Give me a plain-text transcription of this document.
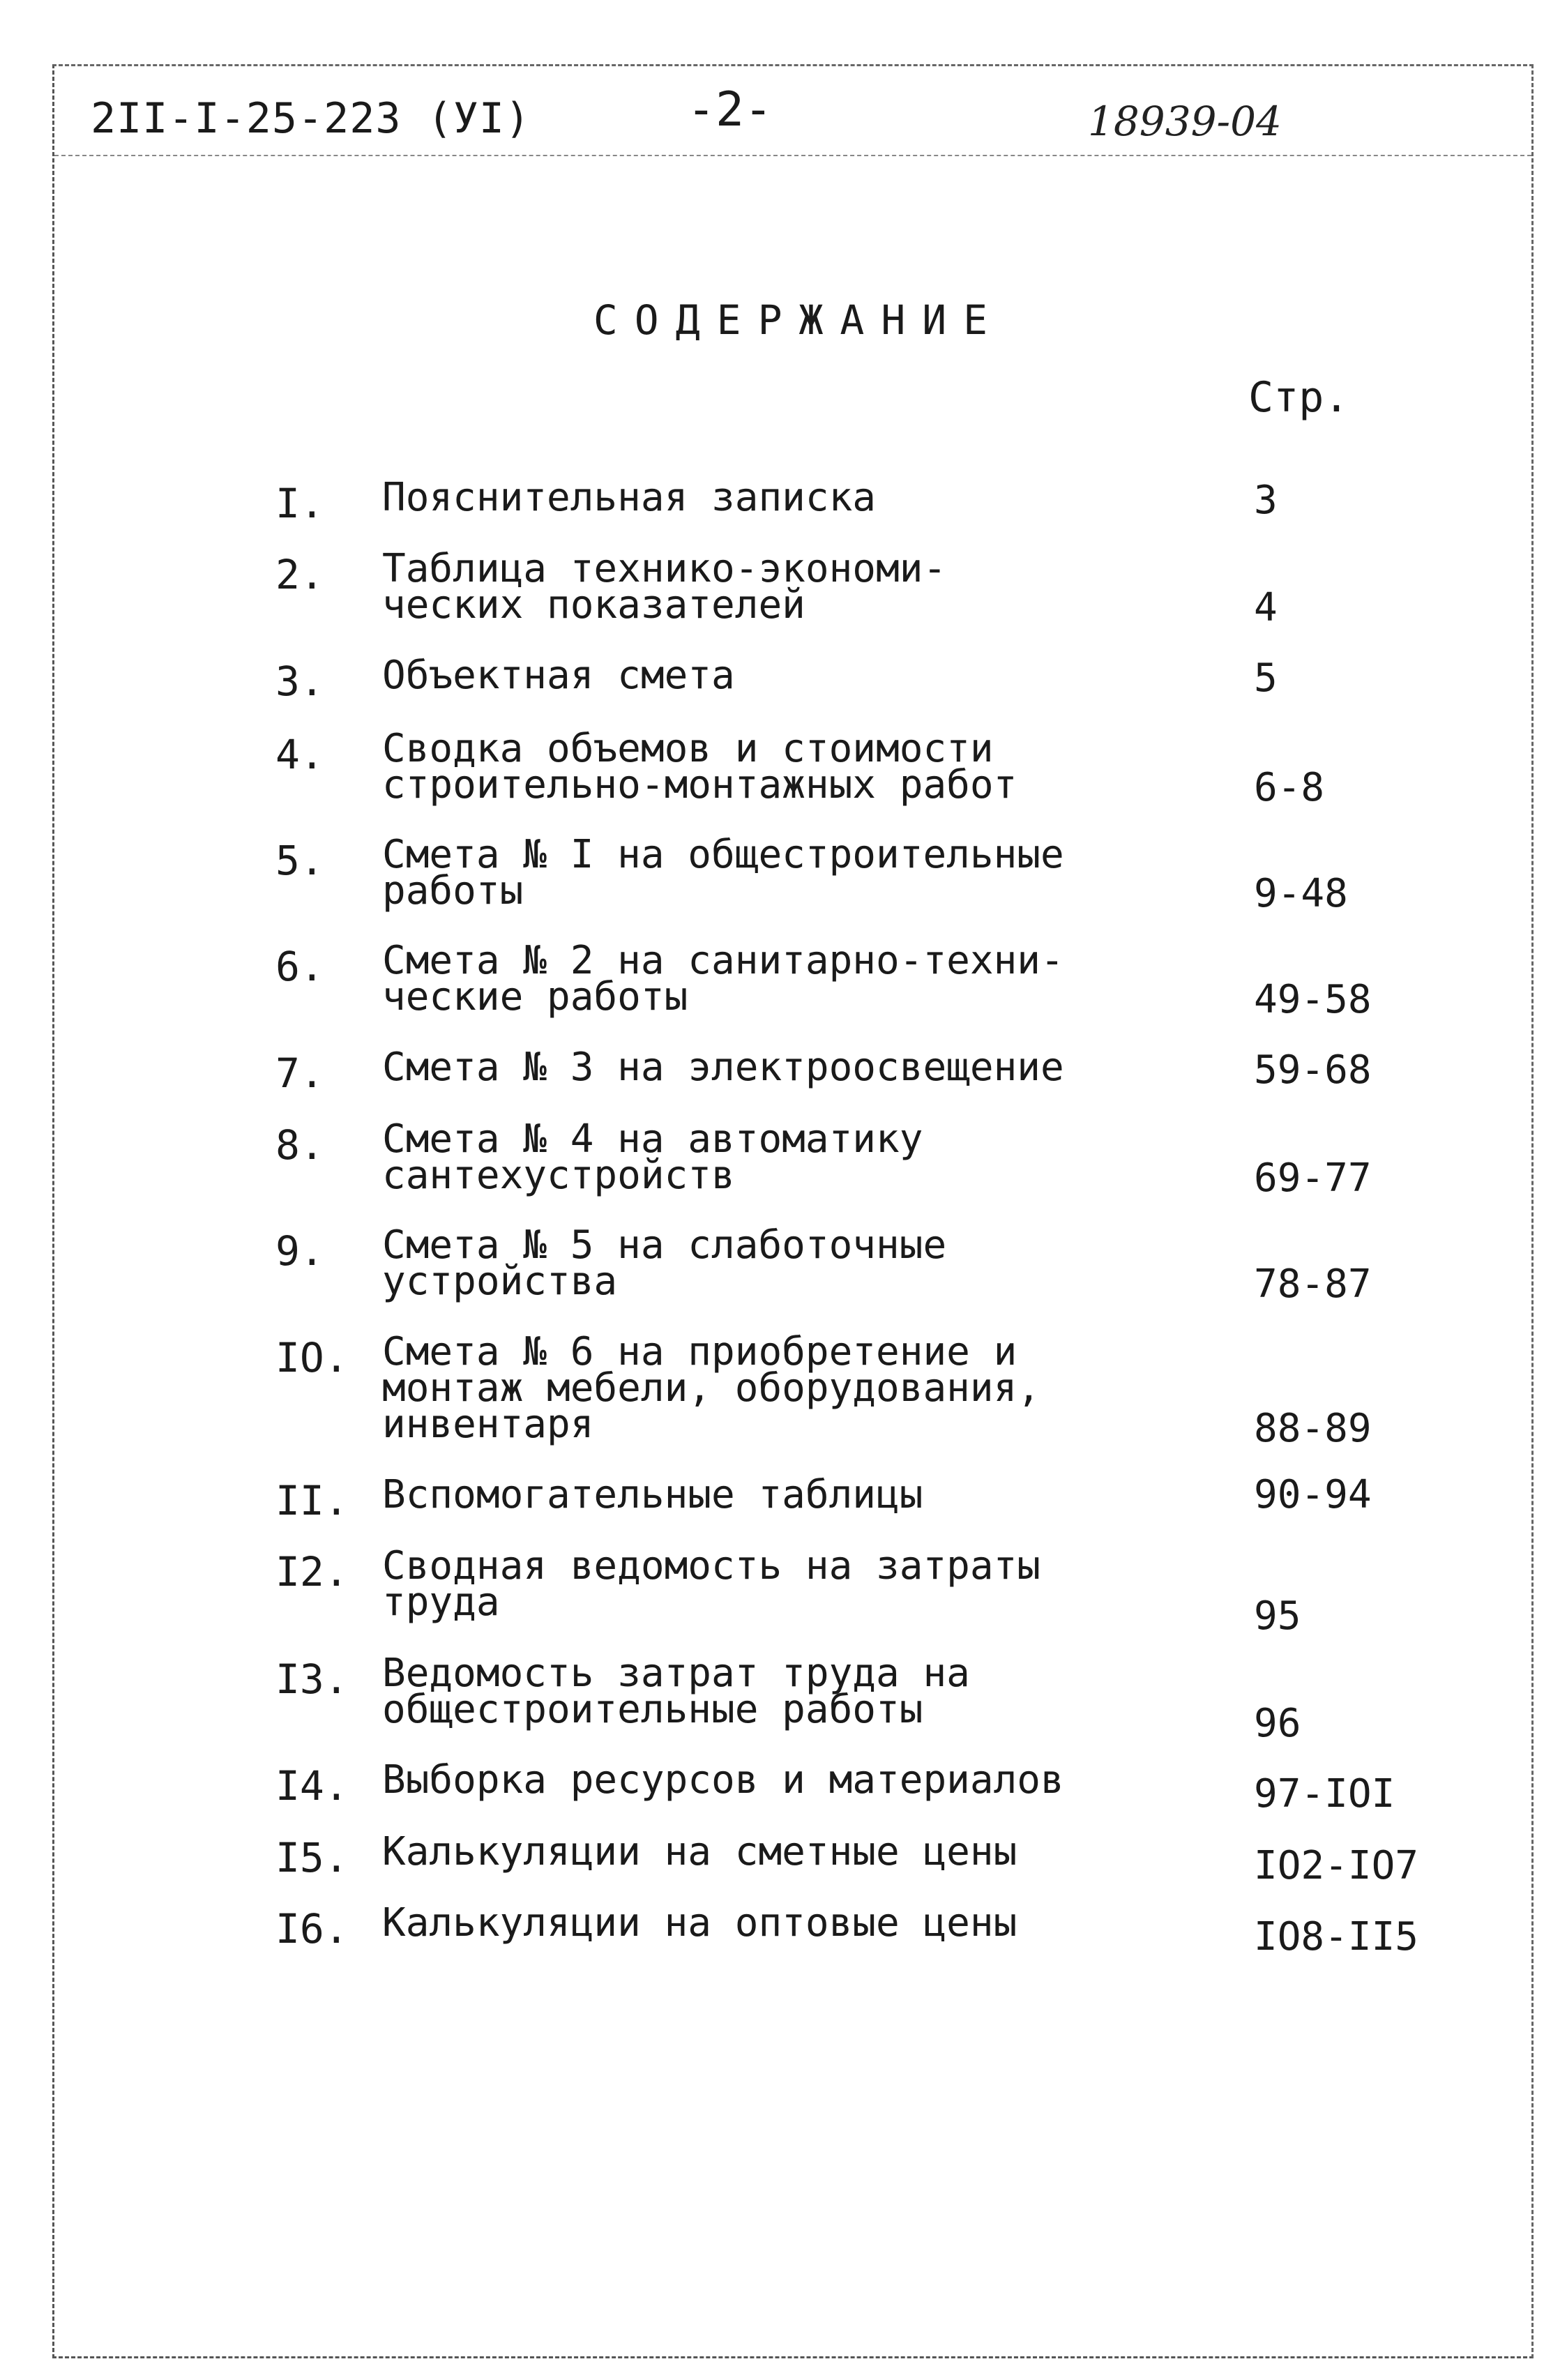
2II-I-25-223 (УI)	-2-	18939-04
СОДЕРЖАНИЕ
Стр.
I. Пояснительная записка	3
2. Таблица технико-экономи-
ческих показателей	4
3. Объектная смета	5
4. Сводка объемов и стоимости
строительно-монтажных работ	6-8
5. Смета № I на общестроительные
работы	9-48
6. Смета № 2 на санитарно-техни-
ческие работы	49-58
7. Смета № 3 на электроосвещение	59-68
8. Смета № 4 на автоматику
сантехустройств	69-77
9. Смета № 5 на слаботочные
устройства	78-87
IO. Смета № 6 на приобретение и
монтаж мебели, оборудования,
инвентаря	88-89
II. Вспомогательные таблицы	90-94
I2. Сводная ведомость на затраты
труда	95
I3. Ведомость затрат труда на
общестроительные работы	96
I4. Выборка ресурсов и материалов	97-IOI
I5. Калькуляции на сметные цены	IO2-IO7
I6. Калькуляции на оптовые цены	IO8-II5
